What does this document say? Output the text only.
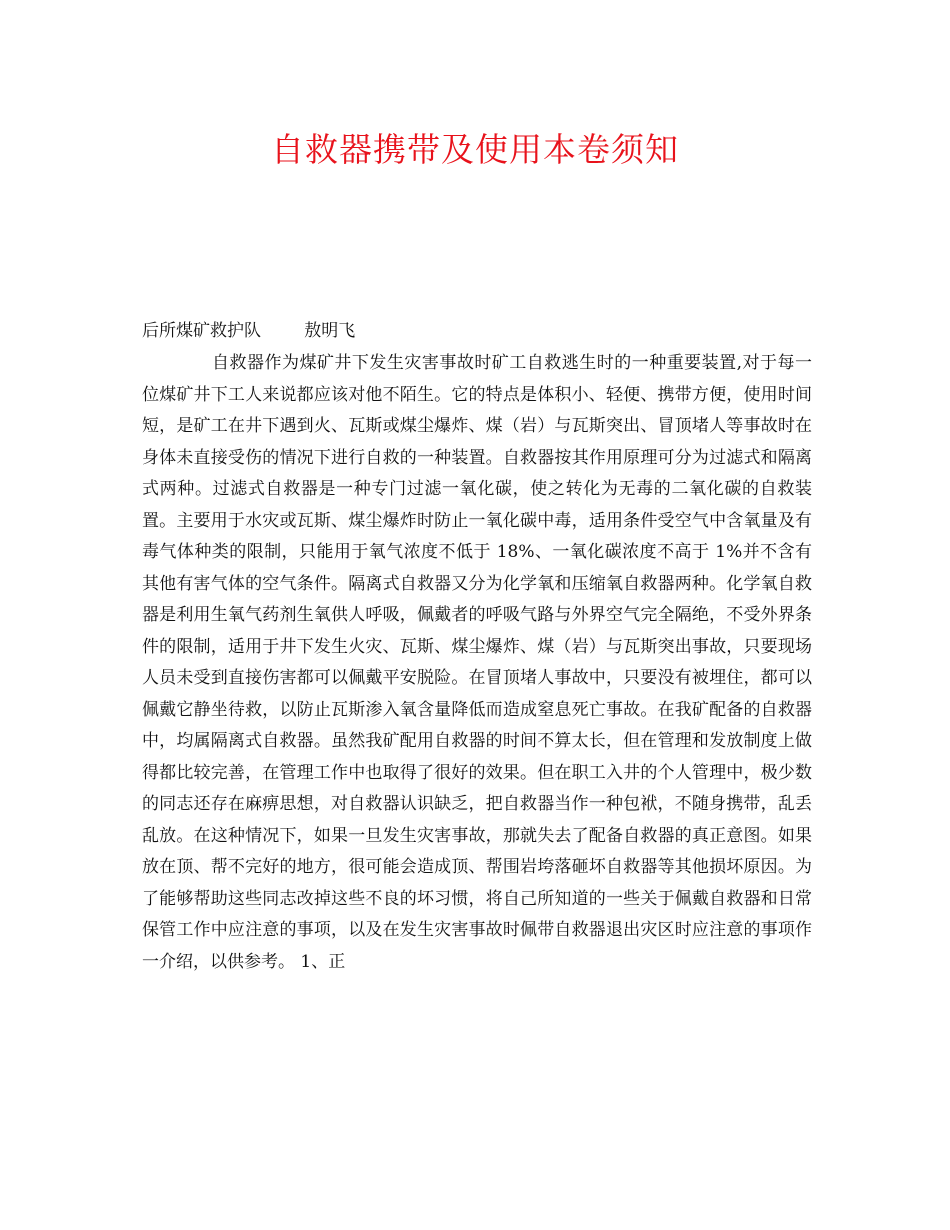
自救器携带及使用本卷须知
后所煤矿救护队        敖明飞

自救器作为煤矿井下发生灾害事故时矿工自救逃生时的一种重要装置,对于每一位煤矿井下工人来说都应该对他不陌生。它的特点是体积小、轻便、携带方便，使用时间短，是矿工在井下遇到火、瓦斯或煤尘爆炸、煤（岩）与瓦斯突出、冒顶堵人等事故时在身体未直接受伤的情况下进行自救的一种装置。自救器按其作用原理可分为过滤式和隔离式两种。过滤式自救器是一种专门过滤一氧化碳，使之转化为无毒的二氧化碳的自救装置。主要用于水灾或瓦斯、煤尘爆炸时防止一氧化碳中毒，适用条件受空气中含氧量及有毒气体种类的限制，只能用于氧气浓度不低于 18%、一氧化碳浓度不高于 1%并不含有其他有害气体的空气条件。隔离式自救器又分为化学氧和压缩氧自救器两种。化学氧自救器是利用生氧气药剂生氧供人呼吸，佩戴者的呼吸气路与外界空气完全隔绝，不受外界条件的限制，适用于井下发生火灾、瓦斯、煤尘爆炸、煤（岩）与瓦斯突出事故，只要现场人员未受到直接伤害都可以佩戴平安脱险。在冒顶堵人事故中，只要没有被埋住，都可以佩戴它静坐待救，以防止瓦斯渗入氧含量降低而造成窒息死亡事故。在我矿配备的自救器中，均属隔离式自救器。虽然我矿配用自救器的时间不算太长，但在管理和发放制度上做得都比较完善，在管理工作中也取得了很好的效果。但在职工入井的个人管理中，极少数的同志还存在麻痹思想，对自救器认识缺乏，把自救器当作一种包袱，不随身携带，乱丢乱放。在这种情况下，如果一旦发生灾害事故，那就失去了配备自救器的真正意图。如果放在顶、帮不完好的地方，很可能会造成顶、帮围岩垮落砸坏自救器等其他损坏原因。为了能够帮助这些同志改掉这些不良的坏习惯，将自己所知道的一些关于佩戴自救器和日常保管工作中应注意的事项，以及在发生灾害事故时佩带自救器退出灾区时应注意的事项作一介绍，以供参考。 1、正
